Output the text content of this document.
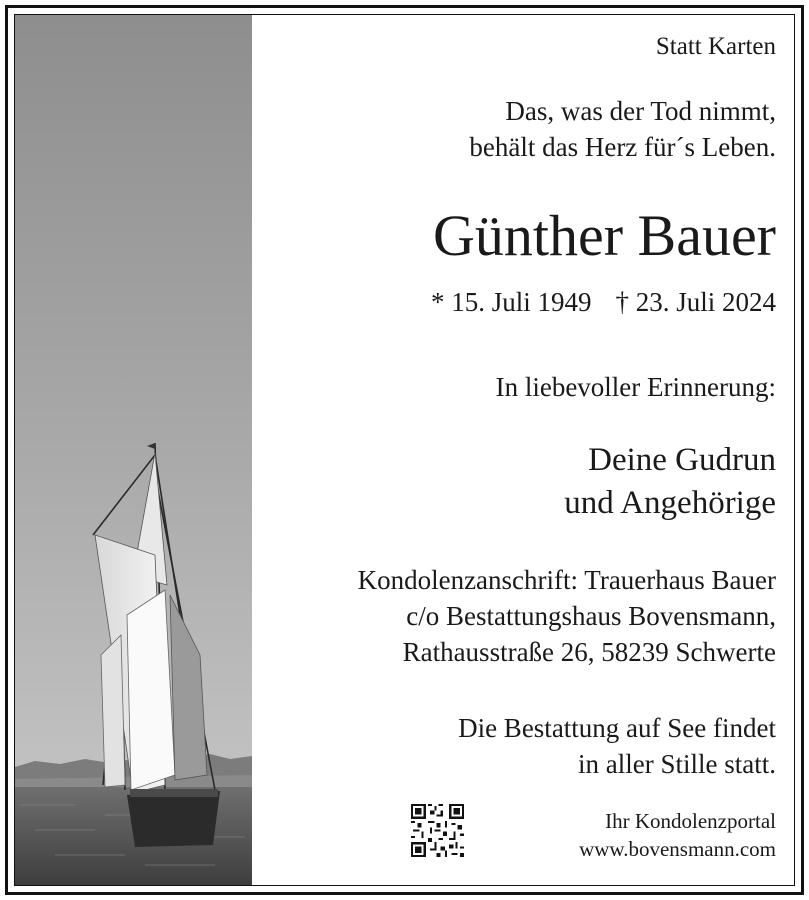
Statt Karten
Das, was der Tod nimmt,
behält das Herz für´s Leben.
Günther Bauer
* 15. Juli 1949 † 23. Juli 2024
In liebevoller Erinnerung:
Deine Gudrun
und Angehörige
Kondolenzanschrift: Trauerhaus Bauer
c/o Bestattungshaus Bovensmann,
Rathausstraße 26, 58239 Schwerte
Die Bestattung auf See findet
in aller Stille statt.
Ihr Kondolenzportal
www.bovensmann.com
